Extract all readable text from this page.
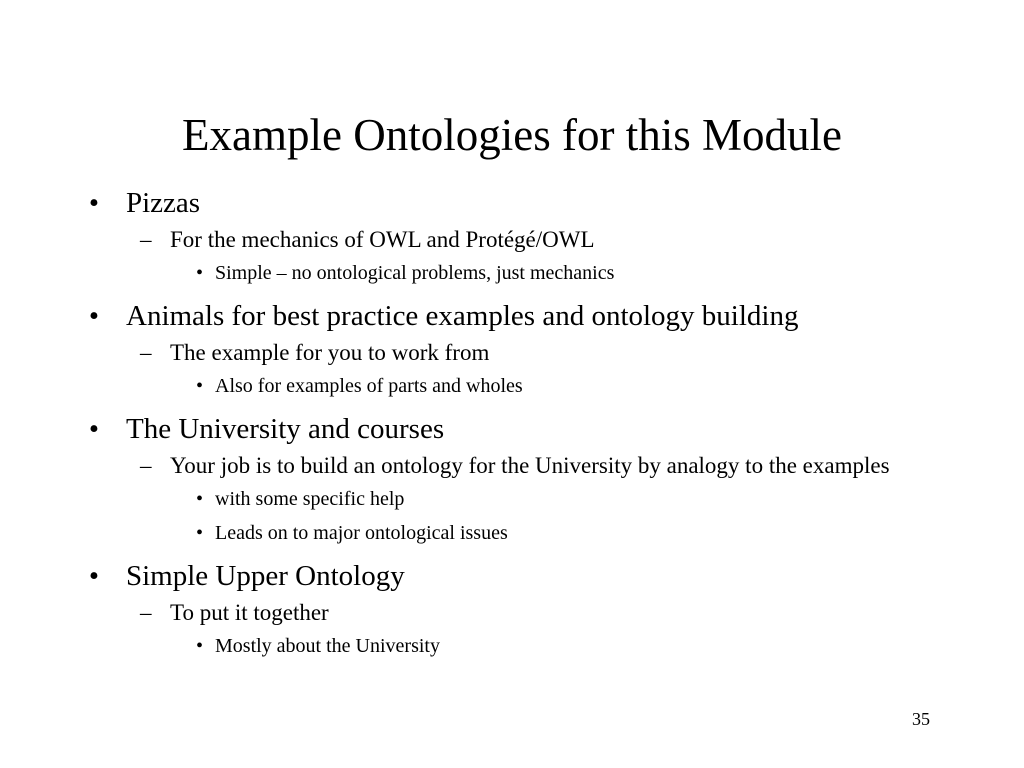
Example Ontologies for this Module
• Pizzas
– For the mechanics of OWL and Protégé/OWL
• Simple – no ontological problems, just mechanics
• Animals for best practice examples and ontology building
– The example for you to work from
• Also for examples of parts and wholes
• The University and courses
– Your job is to build an ontology for the University by analogy to the examples
• with some specific help
• Leads on to major ontological issues
• Simple Upper Ontology
– To put it together
• Mostly about the University
35
